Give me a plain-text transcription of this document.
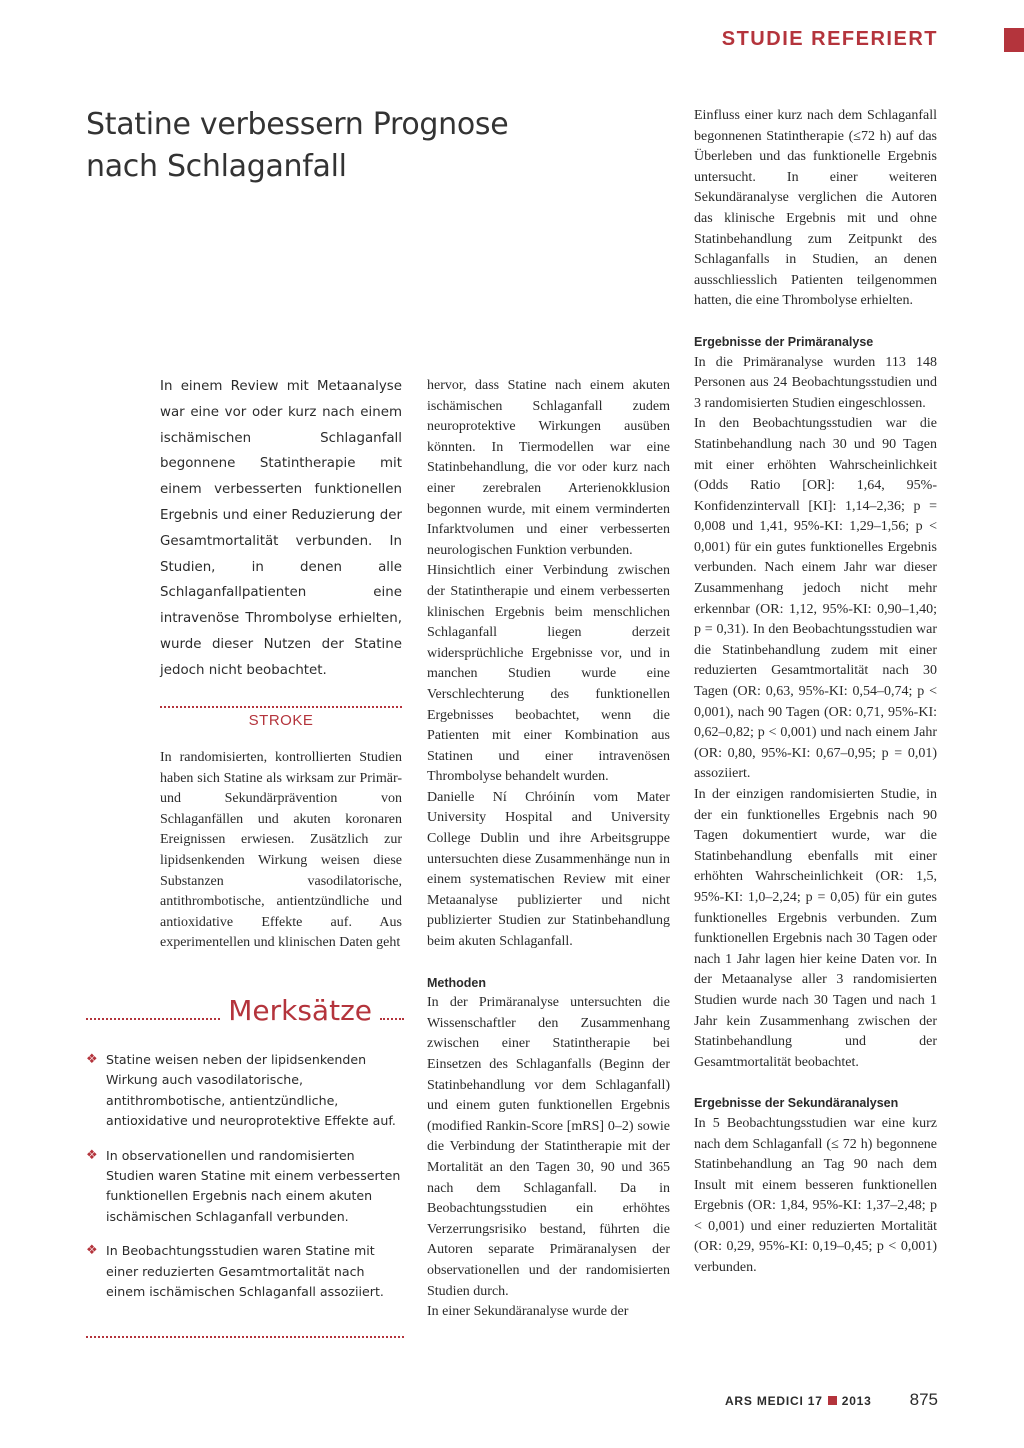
STUDIE REFERIERT
Statine verbessern Prognose
nach Schlaganfall
In einem Review mit Metaanalyse war eine vor oder kurz nach einem ischämischen Schlaganfall begonnene Statintherapie mit einem verbesserten funktionellen Ergebnis und einer Reduzierung der Gesamtmortalität verbunden. In Studien, in denen alle Schlaganfallpatienten eine intravenöse Thrombolyse erhielten, wurde dieser Nutzen der Statine jedoch nicht beobachtet.
STROKE

In randomisierten, kontrollierten Studien haben sich Statine als wirksam zur Primär- und Sekundärprävention von Schlaganfällen und akuten koronaren Ereignissen erwiesen. Zusätzlich zur lipidsenkenden Wirkung weisen diese Substanzen vasodilatorische, antithrombotische, antientzündliche und antioxidative Effekte auf. Aus experimentellen und klinischen Daten geht

Merksätze
❖ Statine weisen neben der lipidsenkenden Wirkung auch vasodilatorische, antithrombotische, antientzündliche, antioxidative und neuroprotektive Effekte auf.
❖ In observationellen und randomisierten Studien waren Statine mit einem verbesserten funktionellen Ergebnis nach einem akuten ischämischen Schlaganfall verbunden.
❖ In Beobachtungsstudien waren Statine mit einer reduzierten Gesamtmortalität nach einem ischämischen Schlaganfall assoziiert.

hervor, dass Statine nach einem akuten ischämischen Schlaganfall zudem neuroprotektive Wirkungen ausüben könnten. In Tiermodellen war eine Statinbehandlung, die vor oder kurz nach einer zerebralen Arterienokklusion begonnen wurde, mit einem verminderten Infarktvolumen und einer verbesserten neurologischen Funktion verbunden.

Hinsichtlich einer Verbindung zwischen der Statintherapie und einem verbesserten klinischen Ergebnis beim menschlichen Schlaganfall liegen derzeit widersprüchliche Ergebnisse vor, und in manchen Studien wurde eine Verschlechterung des funktionellen Ergebnisses beobachtet, wenn die Patienten mit einer Kombination aus Statinen und einer intravenösen Thrombolyse behandelt wurden.

Danielle Ní Chróinín vom Mater University Hospital and University College Dublin und ihre Arbeitsgruppe untersuchten diese Zusammenhänge nun in einem systematischen Review mit einer Metaanalyse publizierter und nicht publizierter Studien zur Statinbehandlung beim akuten Schlaganfall.

Methoden

In der Primäranalyse untersuchten die Wissenschaftler den Zusammenhang zwischen einer Statintherapie bei Einsetzen des Schlaganfalls (Beginn der Statinbehandlung vor dem Schlaganfall) und einem guten funktionellen Ergebnis (modified Rankin-Score [mRS] 0–2) sowie die Verbindung der Statintherapie mit der Mortalität an den Tagen 30, 90 und 365 nach dem Schlaganfall. Da in Beobachtungsstudien ein erhöhtes Verzerrungsrisiko bestand, führten die Autoren separate Primäranalysen der observationellen und der randomisierten Studien durch.

In einer Sekundäranalyse wurde der

Einfluss einer kurz nach dem Schlaganfall begonnenen Statintherapie (≤72 h) auf das Überleben und das funktionelle Ergebnis untersucht. In einer weiteren Sekundäranalyse verglichen die Autoren das klinische Ergebnis mit und ohne Statinbehandlung zum Zeitpunkt des Schlaganfalls in Studien, an denen ausschliesslich Patienten teilgenommen hatten, die eine Thrombolyse erhielten.

Ergebnisse der Primäranalyse

In die Primäranalyse wurden 113 148 Personen aus 24 Beobachtungsstudien und 3 randomisierten Studien eingeschlossen.

In den Beobachtungsstudien war die Statinbehandlung nach 30 und 90 Tagen mit einer erhöhten Wahrscheinlichkeit (Odds Ratio [OR]: 1,64, 95%-Konfidenzintervall [KI]: 1,14–2,36; p = 0,008 und 1,41, 95%-KI: 1,29–1,56; p < 0,001) für ein gutes funktionelles Ergebnis verbunden. Nach einem Jahr war dieser Zusammenhang jedoch nicht mehr erkennbar (OR: 1,12, 95%-KI: 0,90–1,40; p = 0,31). In den Beobachtungsstudien war die Statinbehandlung zudem mit einer reduzierten Gesamtmortalität nach 30 Tagen (OR: 0,63, 95%-KI: 0,54–0,74; p < 0,001), nach 90 Tagen (OR: 0,71, 95%-KI: 0,62–0,82; p < 0,001) und nach einem Jahr (OR: 0,80, 95%-KI: 0,67–0,95; p = 0,01) assoziiert.

In der einzigen randomisierten Studie, in der ein funktionelles Ergebnis nach 90 Tagen dokumentiert wurde, war die Statinbehandlung ebenfalls mit einer erhöhten Wahrscheinlichkeit (OR: 1,5, 95%-KI: 1,0–2,24; p = 0,05) für ein gutes funktionelles Ergebnis verbunden. Zum funktionellen Ergebnis nach 30 Tagen oder nach 1 Jahr lagen hier keine Daten vor. In der Metaanalyse aller 3 randomisierten Studien wurde nach 30 Tagen und nach 1 Jahr kein Zusammenhang zwischen der Statinbehandlung und der Gesamtmortalität beobachtet.

Ergebnisse der Sekundäranalysen

In 5 Beobachtungsstudien war eine kurz nach dem Schlaganfall (≤ 72 h) begonnene Statinbehandlung an Tag 90 nach dem Insult mit einem besseren funktionellen Ergebnis (OR: 1,84, 95%-KI: 1,37–2,48; p < 0,001) und einer reduzierten Mortalität (OR: 0,29, 95%-KI: 0,19–0,45; p < 0,001) verbunden.

ARS MEDICI 17 2013 875
